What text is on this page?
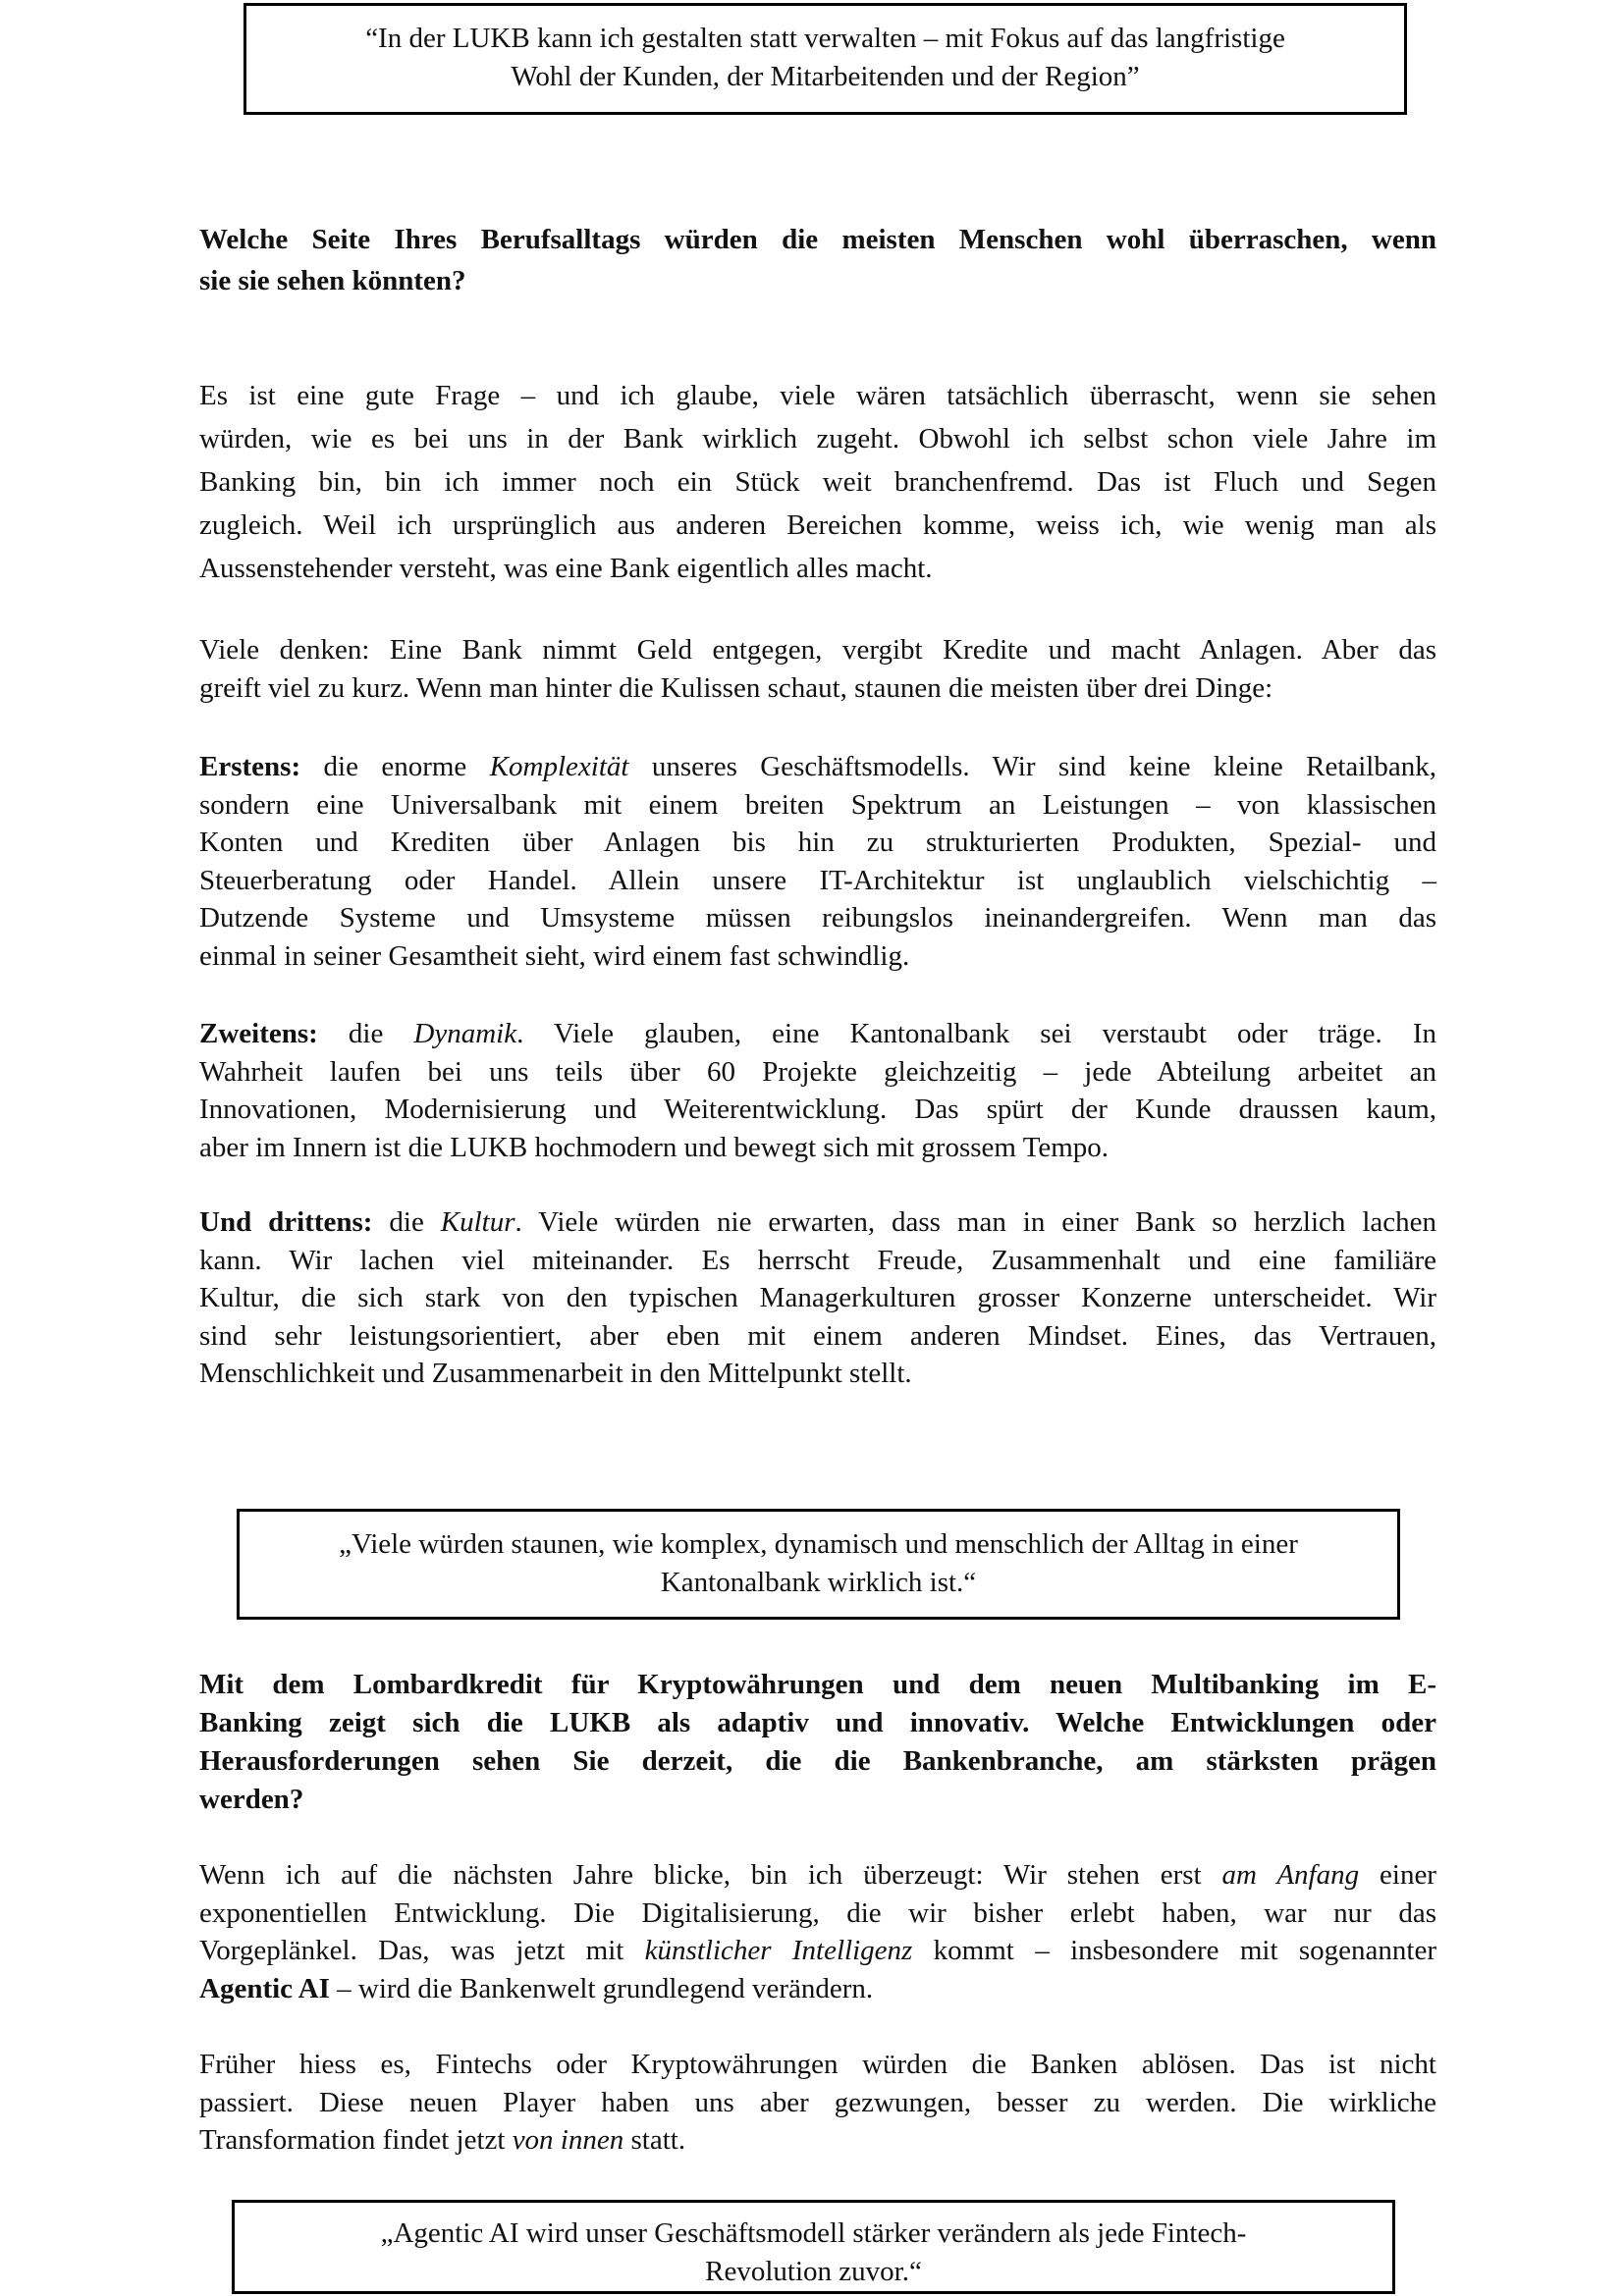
“In der LUKB kann ich gestalten statt verwalten – mit Fokus auf das langfristige
Wohl der Kunden, der Mitarbeitenden und der Region”
Welche Seite Ihres Berufsalltags würden die meisten Menschen wohl überraschen, wenn
sie sie sehen könnten?
Es ist eine gute Frage – und ich glaube, viele wären tatsächlich überrascht, wenn sie sehen
würden, wie es bei uns in der Bank wirklich zugeht. Obwohl ich selbst schon viele Jahre im
Banking bin, bin ich immer noch ein Stück weit branchenfremd. Das ist Fluch und Segen
zugleich. Weil ich ursprünglich aus anderen Bereichen komme, weiss ich, wie wenig man als
Aussenstehender versteht, was eine Bank eigentlich alles macht.
Viele denken: Eine Bank nimmt Geld entgegen, vergibt Kredite und macht Anlagen. Aber das
greift viel zu kurz. Wenn man hinter die Kulissen schaut, staunen die meisten über drei Dinge:
Erstens: die enorme Komplexität unseres Geschäftsmodells. Wir sind keine kleine Retailbank,
sondern eine Universalbank mit einem breiten Spektrum an Leistungen – von klassischen
Konten und Krediten über Anlagen bis hin zu strukturierten Produkten, Spezial- und
Steuerberatung oder Handel. Allein unsere IT-Architektur ist unglaublich vielschichtig –
Dutzende Systeme und Umsysteme müssen reibungslos ineinandergreifen. Wenn man das
einmal in seiner Gesamtheit sieht, wird einem fast schwindlig.
Zweitens: die Dynamik. Viele glauben, eine Kantonalbank sei verstaubt oder träge. In
Wahrheit laufen bei uns teils über 60 Projekte gleichzeitig – jede Abteilung arbeitet an
Innovationen, Modernisierung und Weiterentwicklung. Das spürt der Kunde draussen kaum,
aber im Innern ist die LUKB hochmodern und bewegt sich mit grossem Tempo.
Und drittens: die Kultur. Viele würden nie erwarten, dass man in einer Bank so herzlich lachen
kann. Wir lachen viel miteinander. Es herrscht Freude, Zusammenhalt und eine familiäre
Kultur, die sich stark von den typischen Managerkulturen grosser Konzerne unterscheidet. Wir
sind sehr leistungsorientiert, aber eben mit einem anderen Mindset. Eines, das Vertrauen,
Menschlichkeit und Zusammenarbeit in den Mittelpunkt stellt.
„Viele würden staunen, wie komplex, dynamisch und menschlich der Alltag in einer
Kantonalbank wirklich ist.“
Mit dem Lombardkredit für Kryptowährungen und dem neuen Multibanking im E-
Banking zeigt sich die LUKB als adaptiv und innovativ. Welche Entwicklungen oder
Herausforderungen sehen Sie derzeit, die die Bankenbranche, am stärksten prägen
werden?
Wenn ich auf die nächsten Jahre blicke, bin ich überzeugt: Wir stehen erst am Anfang einer
exponentiellen Entwicklung. Die Digitalisierung, die wir bisher erlebt haben, war nur das
Vorgeplänkel. Das, was jetzt mit künstlicher Intelligenz kommt – insbesondere mit sogenannter
Agentic AI – wird die Bankenwelt grundlegend verändern.
Früher hiess es, Fintechs oder Kryptowährungen würden die Banken ablösen. Das ist nicht
passiert. Diese neuen Player haben uns aber gezwungen, besser zu werden. Die wirkliche
Transformation findet jetzt von innen statt.
„Agentic AI wird unser Geschäftsmodell stärker verändern als jede Fintech-
Revolution zuvor.“
